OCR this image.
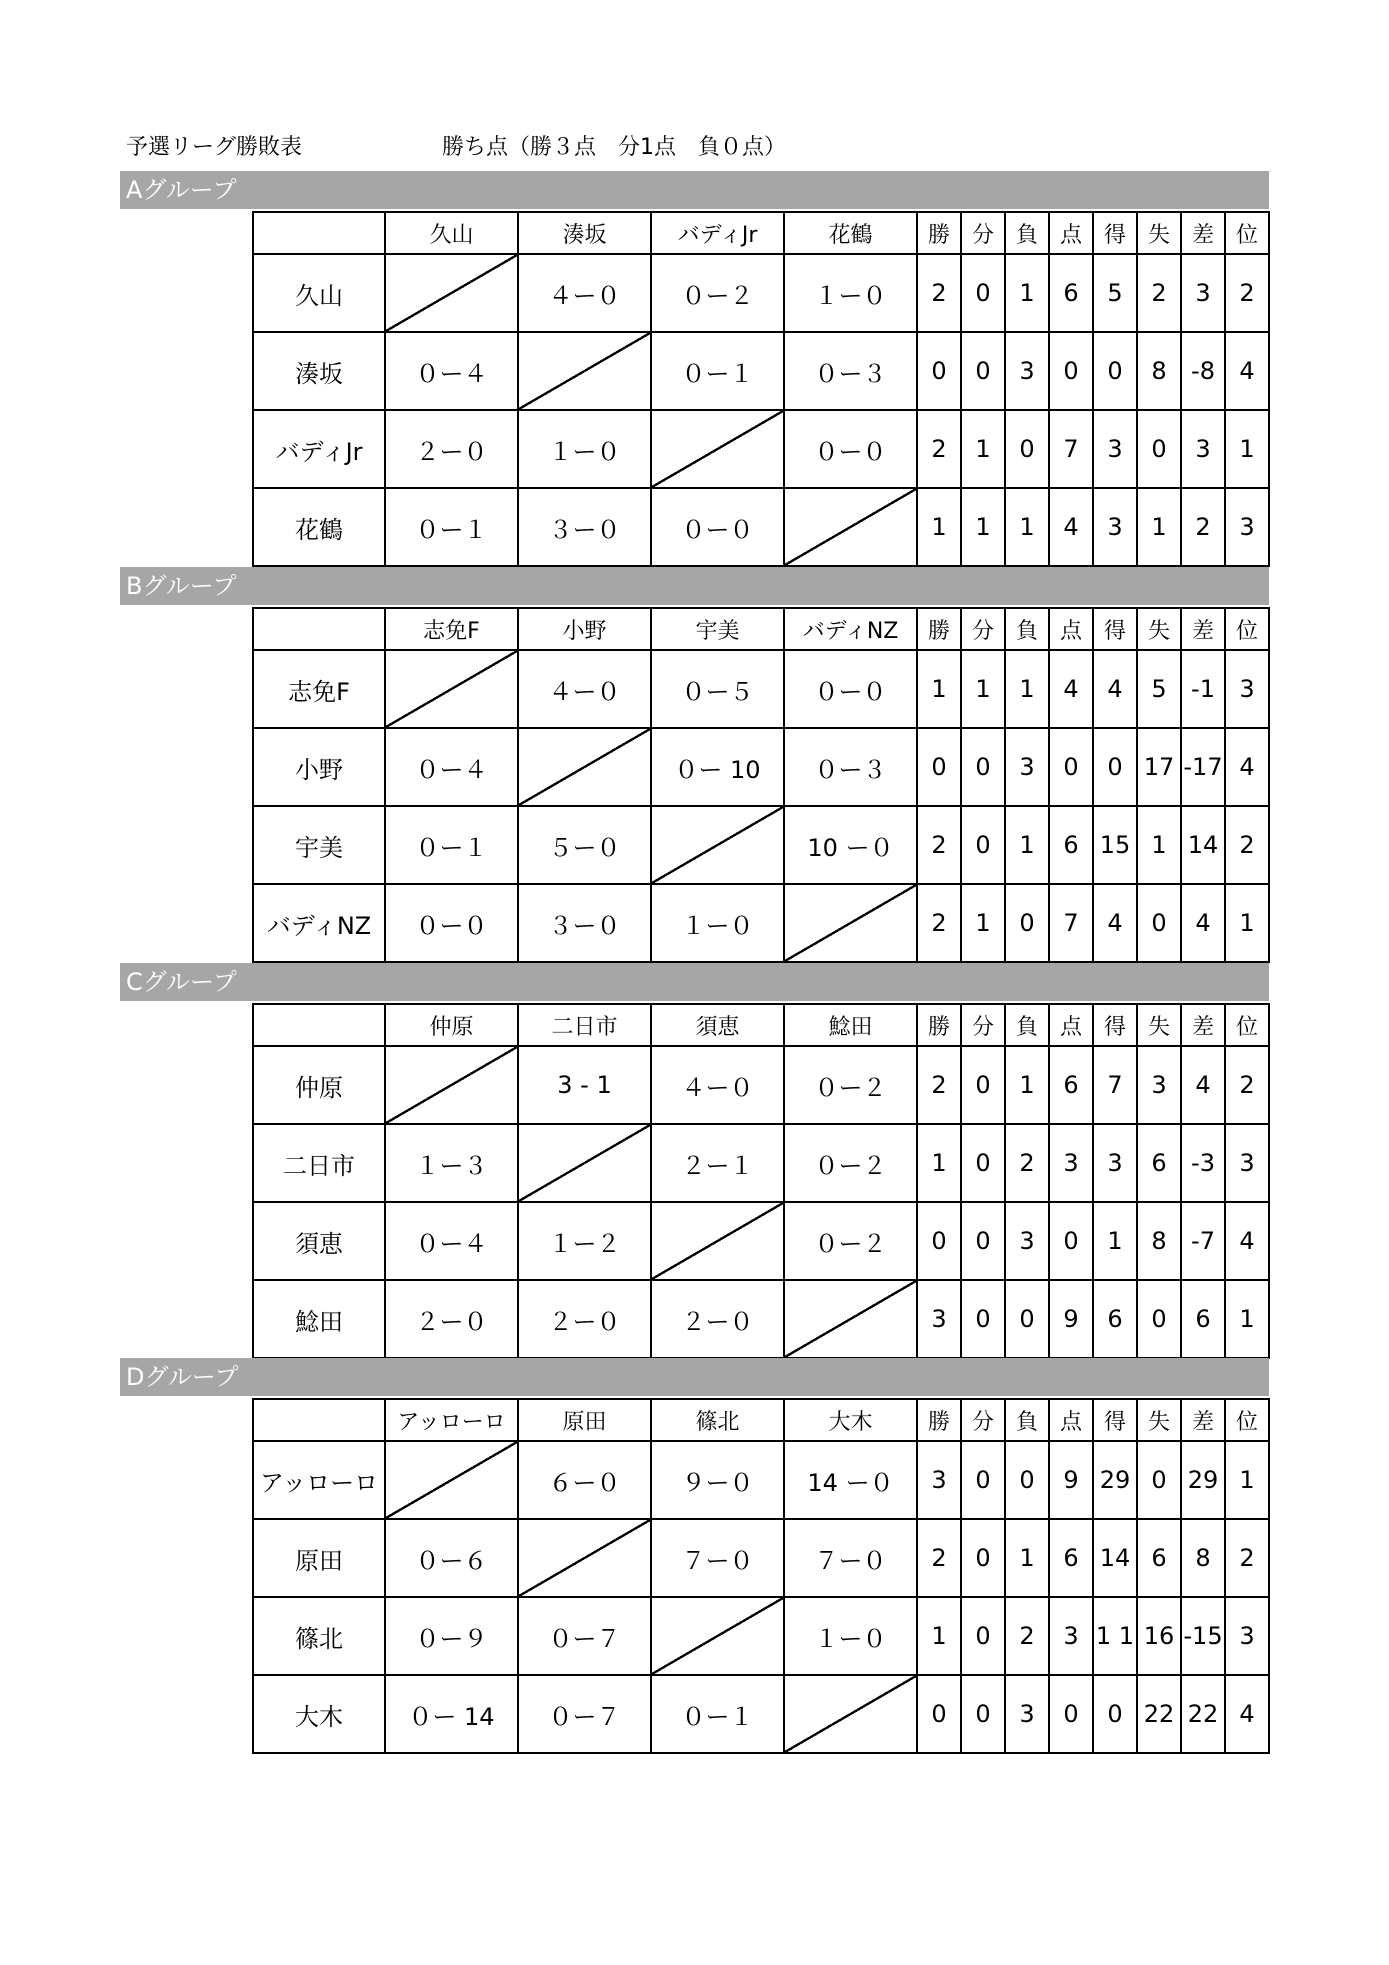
予選リーグ勝敗表	勝ち点（勝３点　分1点　負０点）
Aグループ
	久山	湊坂	バディJr	花鶴	勝	分	負	点	得	失	差	位
久山		４ー０	０ー２	１ー０	2	0	1	6	5	2	3	2
湊坂	０ー４		０ー１	０ー３	0	0	3	0	0	8	-8	4
バディJr	２ー０	１ー０		０ー０	2	1	0	7	3	0	3	1
花鶴	０ー１	３ー０	０ー０		1	1	1	4	3	1	2	3
Bグループ
	志免F	小野	宇美	バディNZ	勝	分	負	点	得	失	差	位
志免F		４ー０	０ー５	０ー０	1	1	1	4	4	5	-1	3
小野	０ー４		０ー 10	０ー３	0	0	3	0	0	17	-17	4
宇美	０ー１	５ー０		10 ー０	2	0	1	6	15	1	14	2
バディNZ	０ー０	３ー０	１ー０		2	1	0	7	4	0	4	1
Cグループ
	仲原	二日市	須恵	鯰田	勝	分	負	点	得	失	差	位
仲原		3 - 1	４ー０	０ー２	2	0	1	6	7	3	4	2
二日市	１ー３		２ー１	０ー２	1	0	2	3	3	6	-3	3
須恵	０ー４	１ー２		０ー２	0	0	3	0	1	8	-7	4
鯰田	２ー０	２ー０	２ー０		3	0	0	9	6	0	6	1
Dグループ
	アッローロ	原田	篠北	大木	勝	分	負	点	得	失	差	位
アッローロ		６ー０	９ー０	14 ー０	3	0	0	9	29	0	29	1
原田	０ー６		７ー０	７ー０	2	0	1	6	14	6	8	2
篠北	０ー９	０ー７		１ー０	1	0	2	3	1 1	16	-15	3
大木	０ー 14	０ー７	０ー１		0	0	3	0	0	22	22	4
